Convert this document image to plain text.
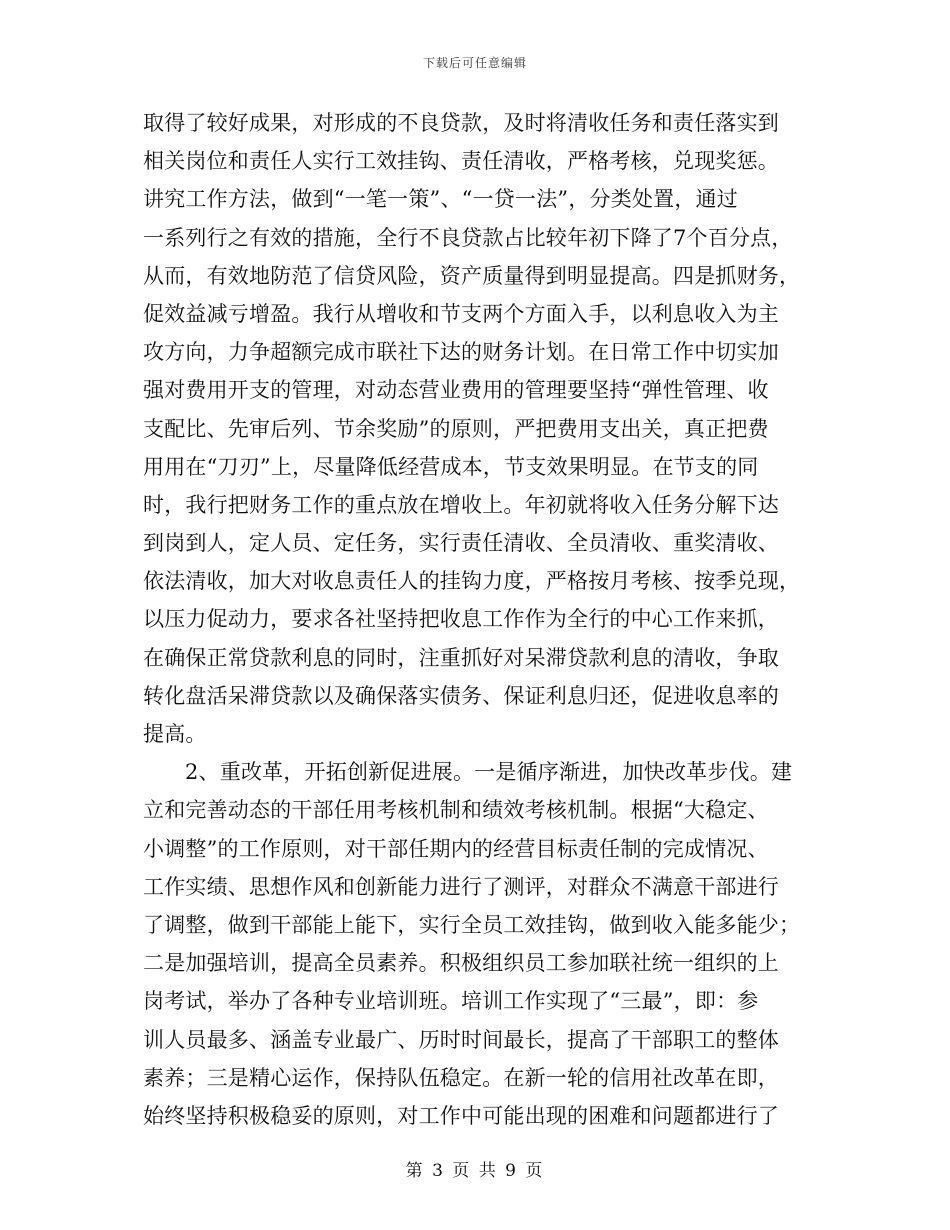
下载后可任意编辑
取得了较好成果，对形成的不良贷款，及时将清收任务和责任落实到
相关岗位和责任人实行工效挂钩、责任清收，严格考核，兑现奖惩。
讲究工作方法，做到“一笔一策”、“一贷一法”，分类处置，通过
一系列行之有效的措施，全行不良贷款占比较年初下降了7个百分点，
从而，有效地防范了信贷风险，资产质量得到明显提高。四是抓财务，
促效益减亏增盈。我行从增收和节支两个方面入手，以利息收入为主
攻方向，力争超额完成市联社下达的财务计划。在日常工作中切实加
强对费用开支的管理，对动态营业费用的管理要坚持“弹性管理、收
支配比、先审后列、节余奖励”的原则，严把费用支出关，真正把费
用用在“刀刃”上，尽量降低经营成本，节支效果明显。在节支的同
时，我行把财务工作的重点放在增收上。年初就将收入任务分解下达
到岗到人，定人员、定任务，实行责任清收、全员清收、重奖清收、
依法清收，加大对收息责任人的挂钩力度，严格按月考核、按季兑现，
以压力促动力，要求各社坚持把收息工作作为全行的中心工作来抓，
在确保正常贷款利息的同时，注重抓好对呆滞贷款利息的清收，争取
转化盘活呆滞贷款以及确保落实债务、保证利息归还，促进收息率的
提高。
2、重改革，开拓创新促进展。一是循序渐进，加快改革步伐。建
立和完善动态的干部任用考核机制和绩效考核机制。根据“大稳定、
小调整”的工作原则，对干部任期内的经营目标责任制的完成情况、
工作实绩、思想作风和创新能力进行了测评，对群众不满意干部进行
了调整，做到干部能上能下，实行全员工效挂钩，做到收入能多能少；
二是加强培训，提高全员素养。积极组织员工参加联社统一组织的上
岗考试，举办了各种专业培训班。培训工作实现了“三最”，即：参
训人员最多、涵盖专业最广、历时时间最长，提高了干部职工的整体
素养；三是精心运作，保持队伍稳定。在新一轮的信用社改革在即，
始终坚持积极稳妥的原则，对工作中可能出现的困难和问题都进行了
第 3 页 共 9 页
